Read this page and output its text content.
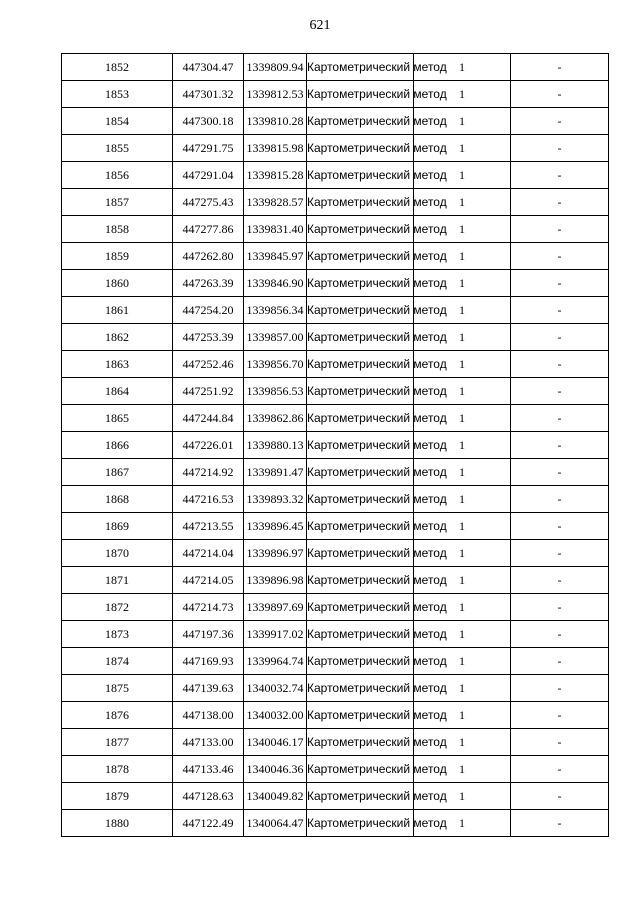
621
1852	447304.47	1339809.94	Картометрический метод	1	-
1853	447301.32	1339812.53	Картометрический метод	1	-
1854	447300.18	1339810.28	Картометрический метод	1	-
1855	447291.75	1339815.98	Картометрический метод	1	-
1856	447291.04	1339815.28	Картометрический метод	1	-
1857	447275.43	1339828.57	Картометрический метод	1	-
1858	447277.86	1339831.40	Картометрический метод	1	-
1859	447262.80	1339845.97	Картометрический метод	1	-
1860	447263.39	1339846.90	Картометрический метод	1	-
1861	447254.20	1339856.34	Картометрический метод	1	-
1862	447253.39	1339857.00	Картометрический метод	1	-
1863	447252.46	1339856.70	Картометрический метод	1	-
1864	447251.92	1339856.53	Картометрический метод	1	-
1865	447244.84	1339862.86	Картометрический метод	1	-
1866	447226.01	1339880.13	Картометрический метод	1	-
1867	447214.92	1339891.47	Картометрический метод	1	-
1868	447216.53	1339893.32	Картометрический метод	1	-
1869	447213.55	1339896.45	Картометрический метод	1	-
1870	447214.04	1339896.97	Картометрический метод	1	-
1871	447214.05	1339896.98	Картометрический метод	1	-
1872	447214.73	1339897.69	Картометрический метод	1	-
1873	447197.36	1339917.02	Картометрический метод	1	-
1874	447169.93	1339964.74	Картометрический метод	1	-
1875	447139.63	1340032.74	Картометрический метод	1	-
1876	447138.00	1340032.00	Картометрический метод	1	-
1877	447133.00	1340046.17	Картометрический метод	1	-
1878	447133.46	1340046.36	Картометрический метод	1	-
1879	447128.63	1340049.82	Картометрический метод	1	-
1880	447122.49	1340064.47	Картометрический метод	1	-
